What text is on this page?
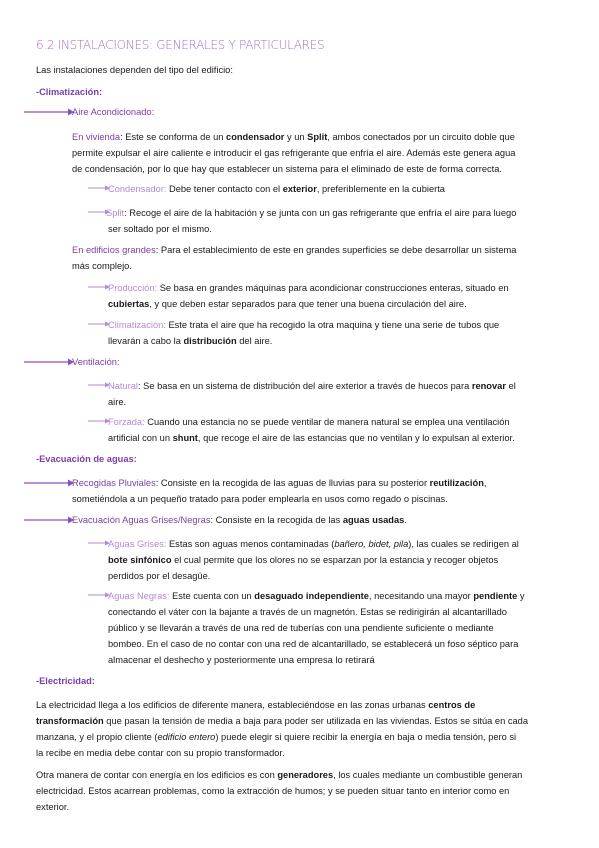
6.2 INSTALACIONES: GENERALES Y PARTICULARES
Las instalaciones dependen del tipo del edificio:
-Climatización:
Aire Acondicionado:
En vivienda: Este se conforma de un condensador y un Split, ambos conectados por un circuito doble que
permite expulsar el aire caliente e introducir el gas refrigerante que enfría el aire. Además este genera agua
de condensación, por lo que hay que establecer un sistema para el eliminado de este de forma correcta.
Condensador: Debe tener contacto con el exterior, preferiblemente en la cubierta
Split: Recoge el aire de la habitación y se junta con un gas refrigerante que enfría el aire para luego
ser soltado por el mismo.
En edificios grandes: Para el establecimiento de este en grandes superficies se debe desarrollar un sistema
más complejo.
Producción: Se basa en grandes máquinas para acondicionar construcciones enteras, situado en
cubiertas, y que deben estar separados para que tener una buena circulación del aire.
Climatización: Este trata el aire que ha recogido la otra maquina y tiene una serie de tubos que
llevarán a cabo la distribución del aire.
Ventilación:
Natural: Se basa en un sistema de distribución del aire exterior a través de huecos para renovar el
aire.
Forzada: Cuando una estancia no se puede ventilar de manera natural se emplea una ventilación
artificial con un shunt, que recoge el aire de las estancias que no ventilan y lo expulsan al exterior.
-Evacuación de aguas:
Recogidas Pluviales: Consiste en la recogida de las aguas de lluvias para su posterior reutilización,
sometiéndola a un pequeño tratado para poder emplearla en usos como regado o piscinas.
Evacuación Aguas Grises/Negras: Consiste en la recogida de las aguas usadas.
Aguas Grises: Estas son aguas menos contaminadas (bañero, bidet, pila), las cuales se redirigen al
bote sinfónico el cual permite que los olores no se esparzan por la estancia y recoger objetos
perdidos por el desagüe.
Aguas Negras: Este cuenta con un desaguado independiente, necesitando una mayor pendiente y
conectando el váter con la bajante a través de un magnetón. Estas se redirigirán al alcantarillado
público y se llevarán a través de una red de tuberías con una pendiente suficiente o mediante
bombeo. En el caso de no contar con una red de alcantarillado, se establecerá un foso séptico para
almacenar el deshecho y posteriormente una empresa lo retirará
-Electricidad:
La electricidad llega a los edificios de diferente manera, estableciéndose en las zonas urbanas centros de
transformación que pasan la tensión de media a baja para poder ser utilizada en las viviendas. Estos se sitúa en cada
manzana, y el propio cliente (edificio entero) puede elegir si quiere recibir la energía en baja o media tensión, pero si
la recibe en media debe contar con su propio transformador.
Otra manera de contar con energía en los edificios es con generadores, los cuales mediante un combustible generan
electricidad. Estos acarrean problemas, como la extracción de humos; y se pueden situar tanto en interior como en
exterior.
